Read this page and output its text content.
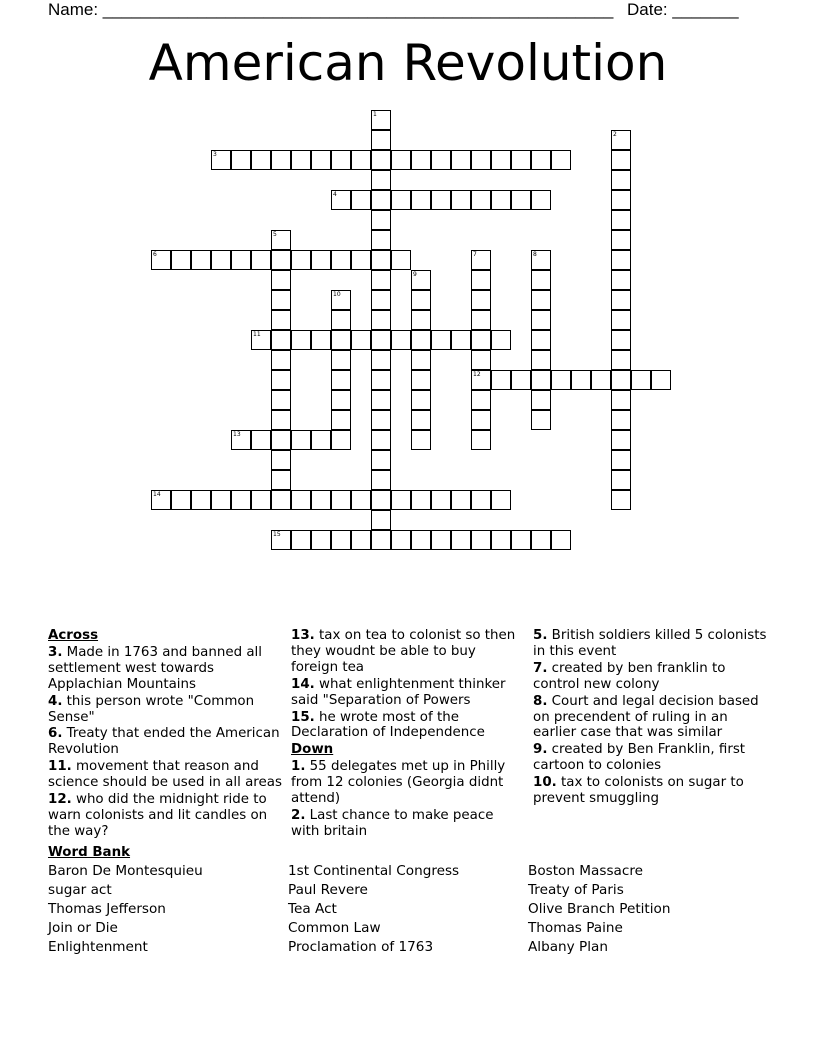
Name: ______________________________________________________ Date: _______
American Revolution
1
2
3
4
5
6	7
12
8
9
10
11
13
14
15
Across
3. Made in 1763 and banned all settlement west towards Applachian Mountains
4. this person wrote "Common Sense"
6. Treaty that ended the American Revolution
11. movement that reason and science should be used in all areas
12. who did the midnight ride to warn colonists and lit candles on the way?
13. tax on tea to colonist so then they woudnt be able to buy foreign tea
14. what enlightenment thinker said "Separation of Powers
15. he wrote most of the Declaration of Independence
Down
1. 55 delegates met up in Philly from 12 colonies (Georgia didnt attend)
2. Last chance to make peace with britain
5. British soldiers killed 5 colonists in this event
7. created by ben franklin to control new colony
8. Court and legal decision based on precendent of ruling in an earlier case that was similar
9. created by Ben Franklin, first cartoon to colonies
10. tax to colonists on sugar to prevent smuggling
Word Bank
Baron De Montesquieu
sugar act
Thomas Jefferson
Join or Die
Enlightenment
1st Continental Congress
Paul Revere
Tea Act
Common Law
Proclamation of 1763
Boston Massacre
Treaty of Paris
Olive Branch Petition
Thomas Paine
Albany Plan
